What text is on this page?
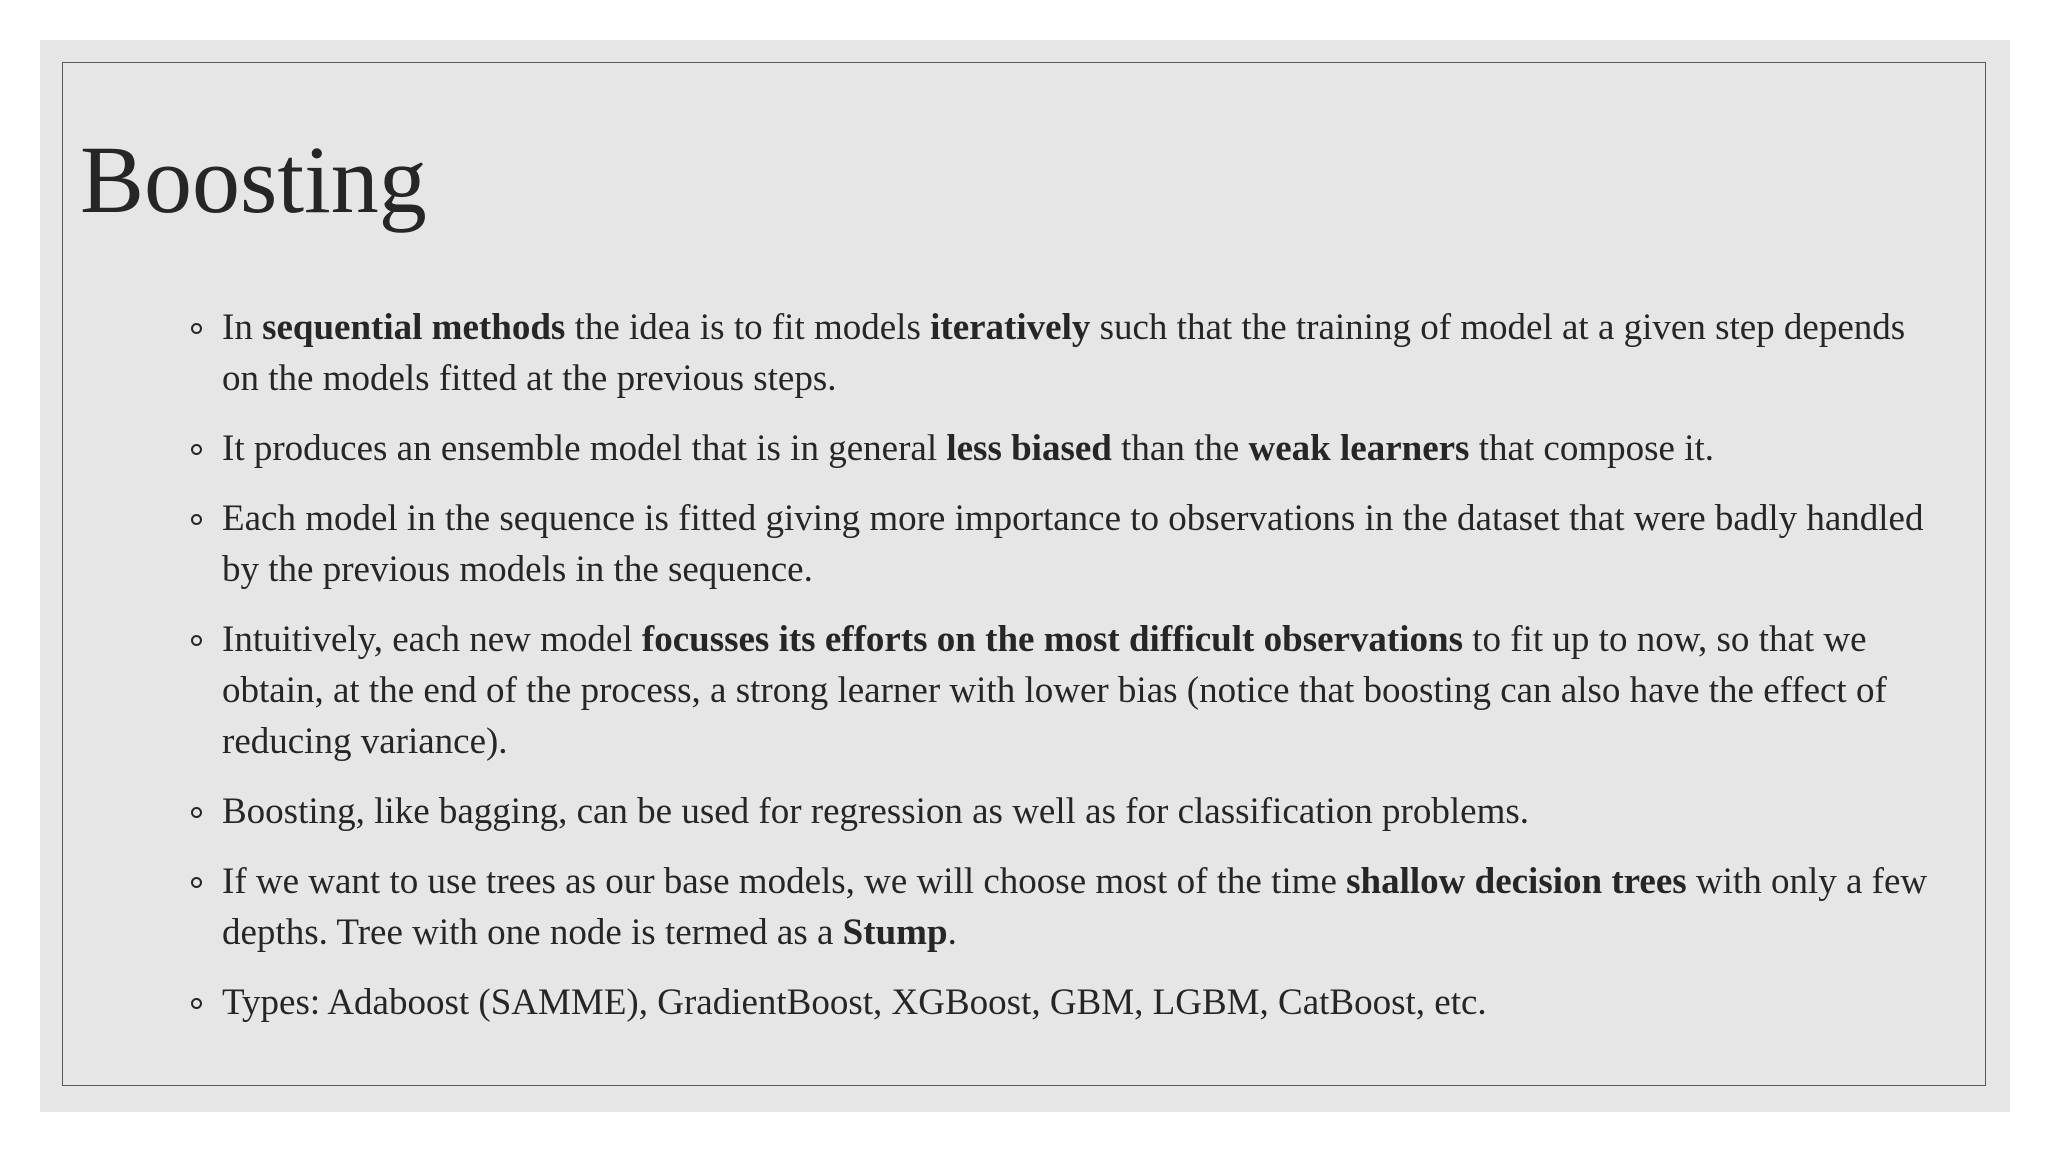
Boosting
In sequential methods the idea is to fit models iteratively such that the training of model at a given step depends on the models fitted at the previous steps.
It produces an ensemble model that is in general less biased than the weak learners that compose it.
Each model in the sequence is fitted giving more importance to observations in the dataset that were badly handled by the previous models in the sequence.
Intuitively, each new model focusses its efforts on the most difficult observations to fit up to now, so that we obtain, at the end of the process, a strong learner with lower bias (notice that boosting can also have the effect of reducing variance).
Boosting, like bagging, can be used for regression as well as for classification problems.
If we want to use trees as our base models, we will choose most of the time shallow decision trees with only a few depths. Tree with one node is termed as a Stump.
Types: Adaboost (SAMME), GradientBoost, XGBoost, GBM, LGBM, CatBoost, etc.
